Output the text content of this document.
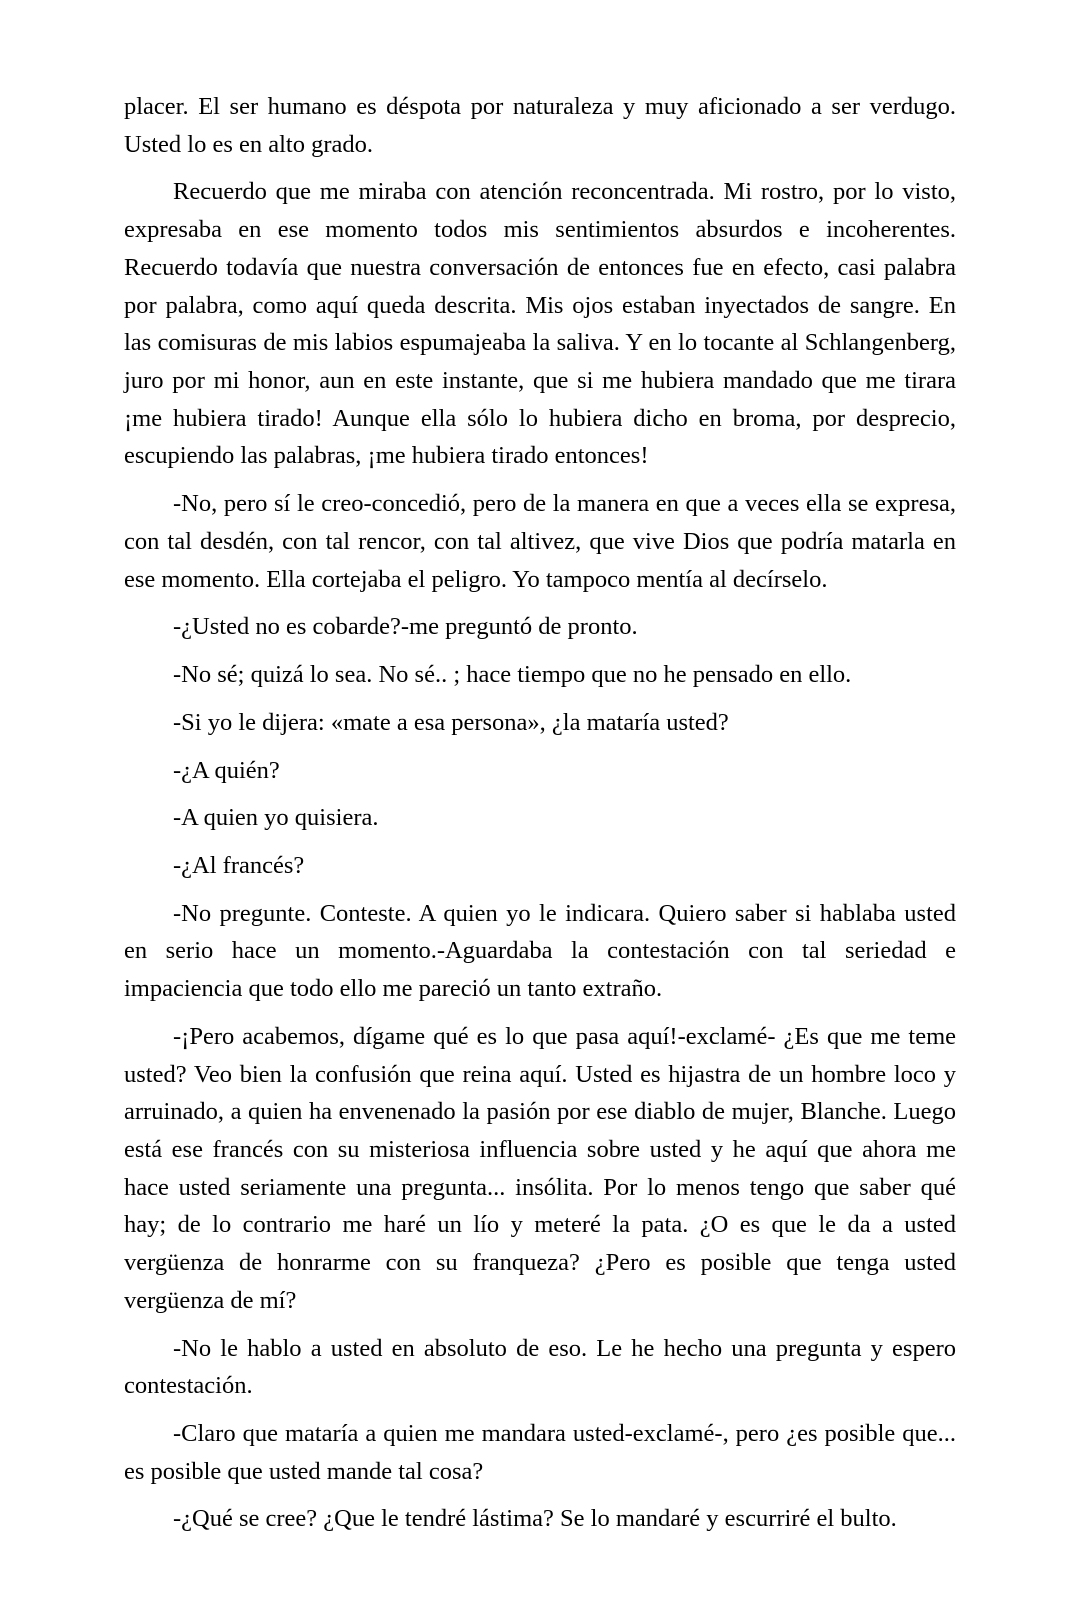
placer. El ser humano es déspota por naturaleza y muy aficionado a ser verdugo. Usted lo es en alto grado.

Recuerdo que me miraba con atención reconcentrada. Mi rostro, por lo visto, expresaba en ese momento todos mis sentimientos absurdos e incoherentes. Recuerdo todavía que nuestra conversación de entonces fue en efecto, casi palabra por palabra, como aquí queda descrita. Mis ojos estaban inyectados de sangre. En las comisuras de mis labios espumajeaba la saliva. Y en lo tocante al Schlangenberg, juro por mi honor, aun en este instante, que si me hubiera mandado que me tirara ¡me hubiera tirado! Aunque ella sólo lo hubiera dicho en broma, por desprecio, escupiendo las palabras, ¡me hubiera tirado entonces!

-No, pero sí le creo-concedió, pero de la manera en que a veces ella se expresa, con tal desdén, con tal rencor, con tal altivez, que vive Dios que podría matarla en ese momento. Ella cortejaba el peligro. Yo tampoco mentía al decírselo.

-¿Usted no es cobarde?-me preguntó de pronto.

-No sé; quizá lo sea. No sé.. ; hace tiempo que no he pensado en ello.

-Si yo le dijera: «mate a esa persona», ¿la mataría usted?

-¿A quién?

-A quien yo quisiera.

-¿Al francés?

-No pregunte. Conteste. A quien yo le indicara. Quiero saber si hablaba usted en serio hace un momento.-Aguardaba la contestación con tal seriedad e impaciencia que todo ello me pareció un tanto extraño.

-¡Pero acabemos, dígame qué es lo que pasa aquí!-exclamé- ¿Es que me teme usted? Veo bien la confusión que reina aquí. Usted es hijastra de un hombre loco y arruinado, a quien ha envenenado la pasión por ese diablo de mujer, Blanche. Luego está ese francés con su misteriosa influencia sobre usted y he aquí que ahora me hace usted seriamente una pregunta... insólita. Por lo menos tengo que saber qué hay; de lo contrario me haré un lío y meteré la pata. ¿O es que le da a usted vergüenza de honrarme con su franqueza? ¿Pero es posible que tenga usted vergüenza de mí?

-No le hablo a usted en absoluto de eso. Le he hecho una pregunta y espero contestación.

-Claro que mataría a quien me mandara usted-exclamé-, pero ¿es posible que... es posible que usted mande tal cosa?

-¿Qué se cree? ¿Que le tendré lástima? Se lo mandaré y escurriré el bulto.
